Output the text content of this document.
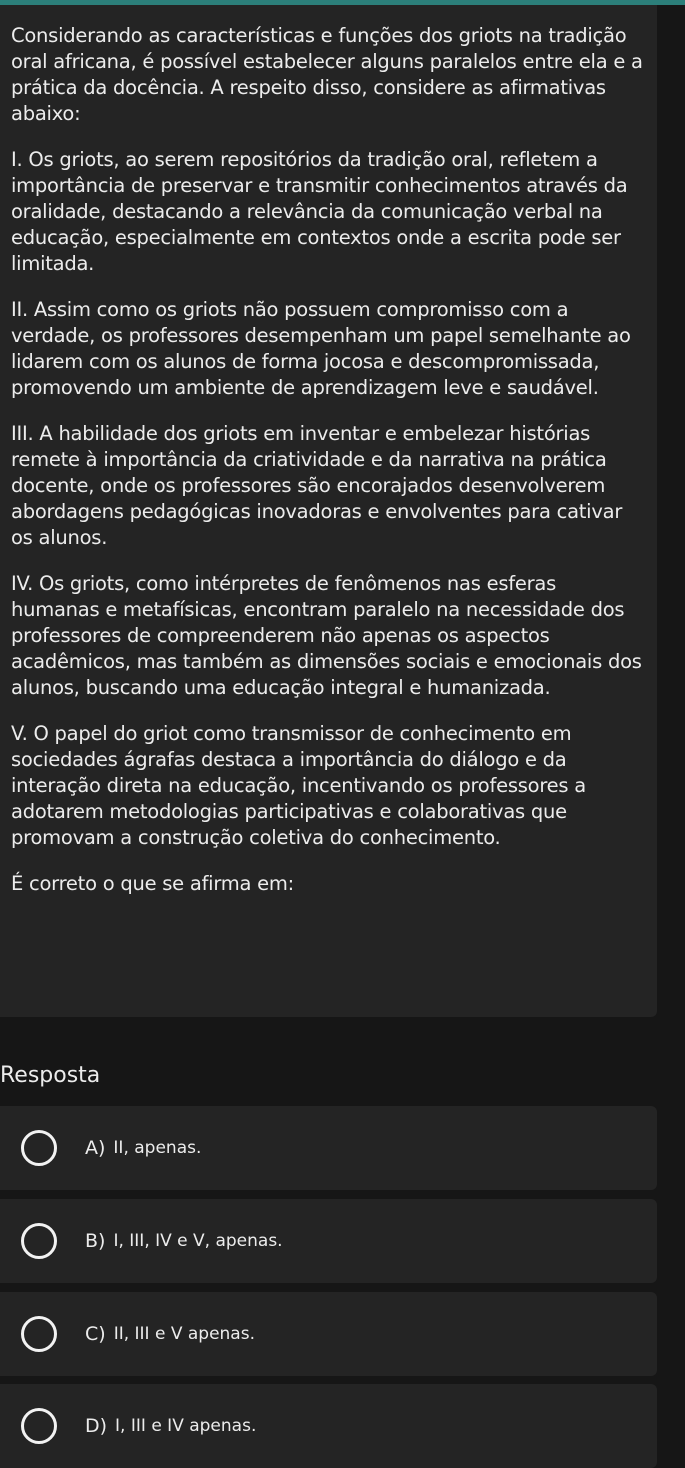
Considerando as características e funções dos griots na tradição oral africana, é possível estabelecer alguns paralelos entre ela e a prática da docência. A respeito disso, considere as afirmativas abaixo:

I. Os griots, ao serem repositórios da tradição oral, refletem a importância de preservar e transmitir conhecimentos através da oralidade, destacando a relevância da comunicação verbal na educação, especialmente em contextos onde a escrita pode ser limitada.

II. Assim como os griots não possuem compromisso com a verdade, os professores desempenham um papel semelhante ao lidarem com os alunos de forma jocosa e descompromissada, promovendo um ambiente de aprendizagem leve e saudável.

III. A habilidade dos griots em inventar e embelezar histórias remete à importância da criatividade e da narrativa na prática docente, onde os professores são encorajados desenvolverem abordagens pedagógicas inovadoras e envolventes para cativar os alunos.

IV. Os griots, como intérpretes de fenômenos nas esferas humanas e metafísicas, encontram paralelo na necessidade dos professores de compreenderem não apenas os aspectos acadêmicos, mas também as dimensões sociais e emocionais dos alunos, buscando uma educação integral e humanizada.

V. O papel do griot como transmissor de conhecimento em sociedades ágrafas destaca a importância do diálogo e da interação direta na educação, incentivando os professores a adotarem metodologias participativas e colaborativas que promovam a construção coletiva do conhecimento.

É correto o que se afirma em:

Resposta
A) II, apenas.
B) I, III, IV e V, apenas.
C) II, III e V apenas.
D) I, III e IV apenas.
